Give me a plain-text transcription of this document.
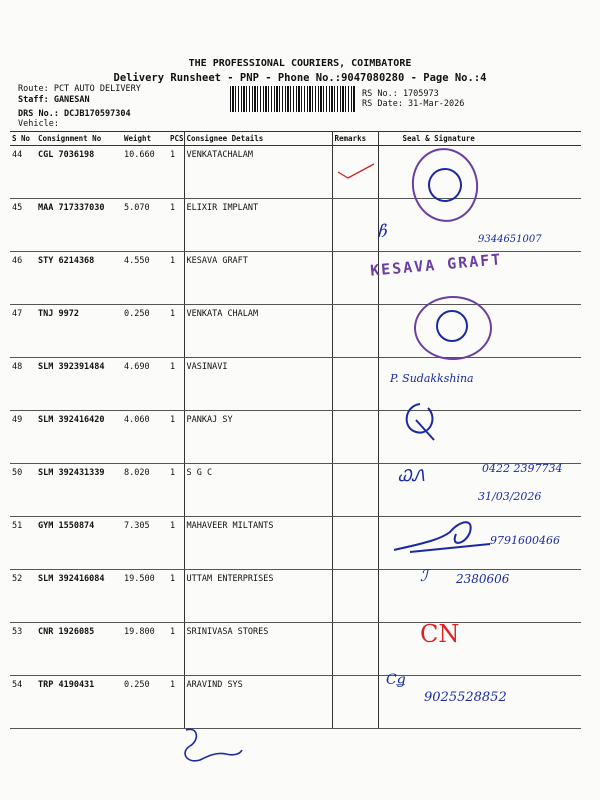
THE PROFESSIONAL COURIERS, COIMBATORE
Delivery Runsheet - PNP - Phone No.:9047080280 - Page No.:4
Route: PCT AUTO DELIVERY
Staff: GANESAN
DRS No.: DCJB170597304
Vehicle:
RS No.: 1705973
RS Date: 31-Mar-2026
S No	Consignment No	Weight	PCS	Consignee Details	Remarks	Seal & Signature
44	CGL 7036198	10.660	1	VENKATACHALAM		
45	MAA 717337030	5.070	1	ELIXIR IMPLANT		
46	STY 6214368	4.550	1	KESAVA GRAFT		
47	TNJ 9972	0.250	1	VENKATA CHALAM		
48	SLM 392391484	4.690	1	VASINAVI		
49	SLM 392416420	4.060	1	PANKAJ SY		
50	SLM 392431339	8.020	1	S G C		
51	GYM 1550874	7.305	1	MAHAVEER MILTANTS		
52	SLM 392416084	19.500	1	UTTAM ENTERPRISES		
53	CNR 1926085	19.800	1	SRINIVASA STORES		
54	TRP 4190431	0.250	1	ARAVIND SYS		
ჩ	9344651007
KESAVA GRAFT
P. Sudakkshina
0422 2397734
ᏇᏁ
31/03/2026
9791600466
ℐ 2380606
CN
Cǥ
9025528852
